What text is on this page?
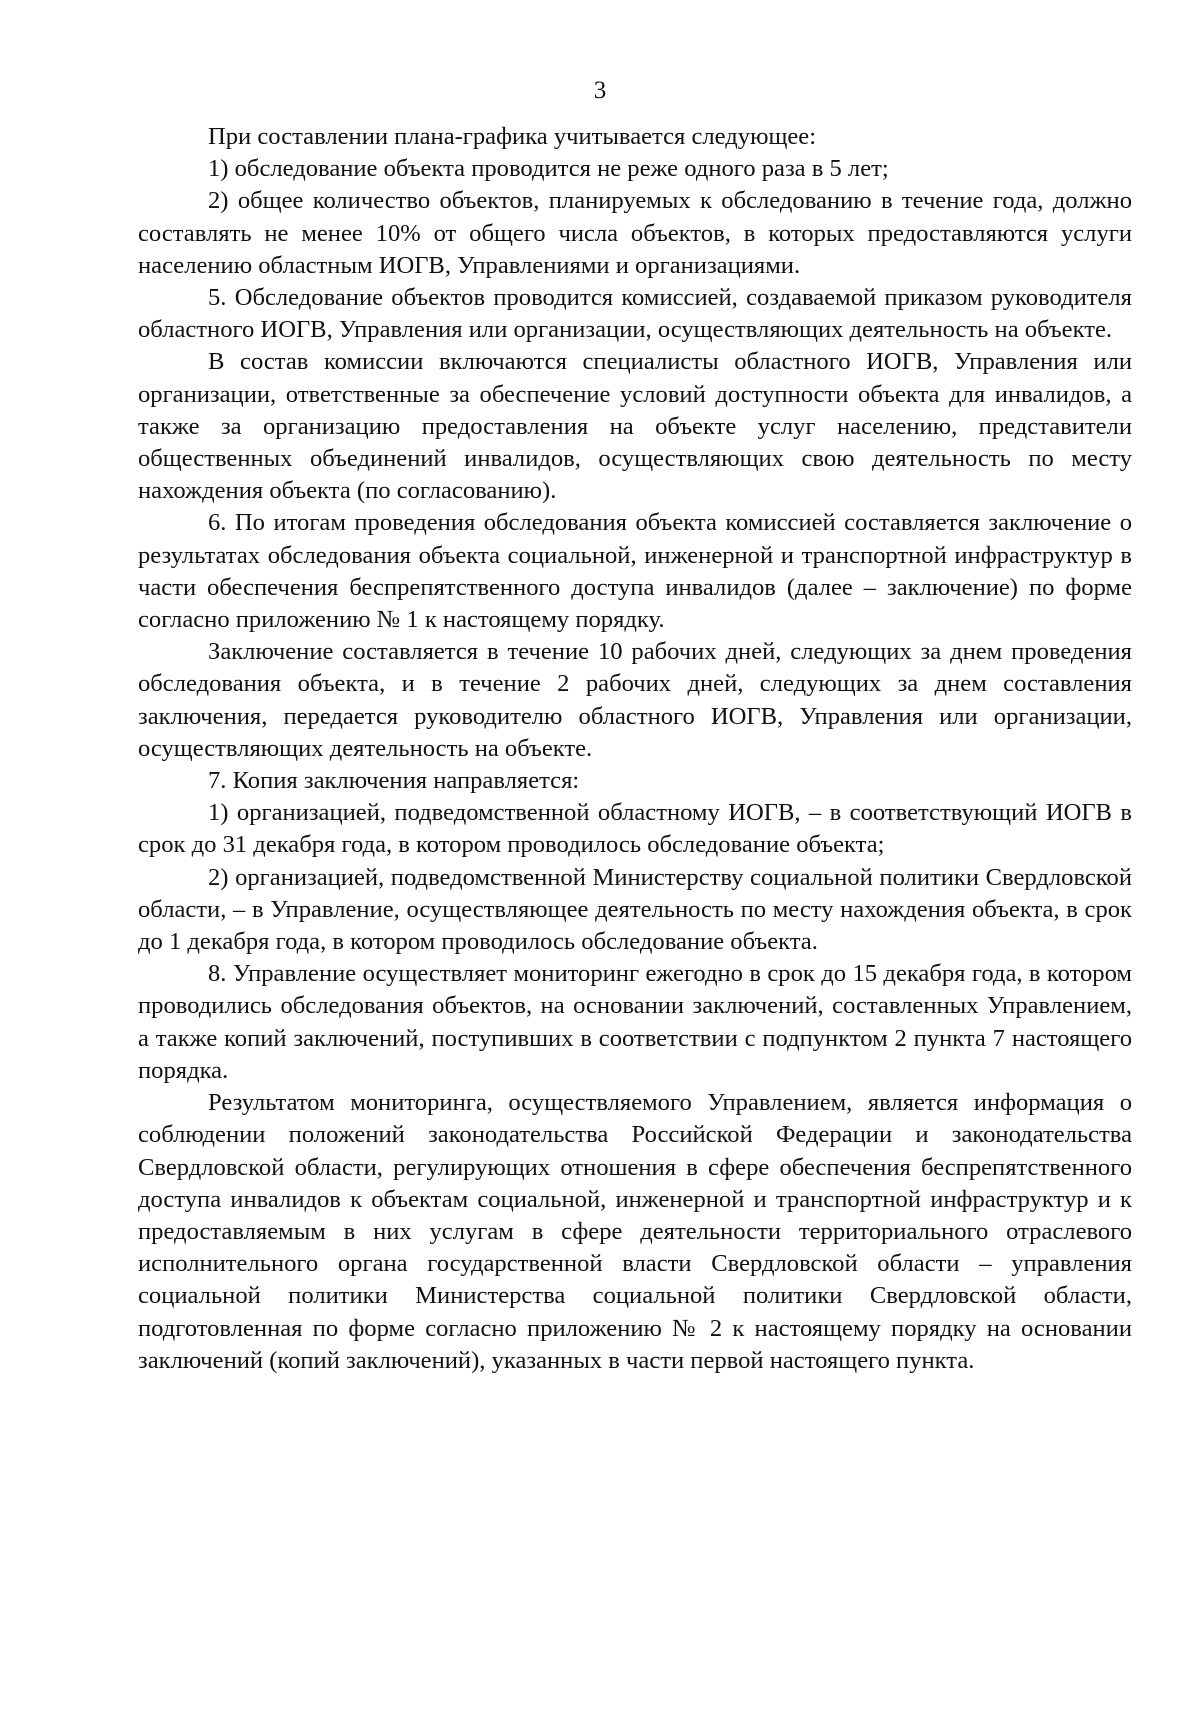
3

При составлении плана-графика учитывается следующее:

1) обследование объекта проводится не реже одного раза в 5 лет;

2) общее количество объектов, планируемых к обследованию в течение года, должно составлять не менее 10% от общего числа объектов, в которых предоставляются услуги населению областным ИОГВ, Управлениями и организациями.

5. Обследование объектов проводится комиссией, создаваемой приказом руководителя областного ИОГВ, Управления или организации, осуществляющих деятельность на объекте.

В состав комиссии включаются специалисты областного ИОГВ, Управления или организации, ответственные за обеспечение условий доступности объекта для инвалидов, а также за организацию предоставления на объекте услуг населению, представители общественных объединений инвалидов, осуществляющих свою деятельность по месту нахождения объекта (по согласованию).

6. По итогам проведения обследования объекта комиссией составляется заключение о результатах обследования объекта социальной, инженерной и транспортной инфраструктур в части обеспечения беспрепятственного доступа инвалидов (далее – заключение) по форме согласно приложению № 1 к настоящему порядку.

Заключение составляется в течение 10 рабочих дней, следующих за днем проведения обследования объекта, и в течение 2 рабочих дней, следующих за днем составления заключения, передается руководителю областного ИОГВ, Управления или организации, осуществляющих деятельность на объекте.

7. Копия заключения направляется:

1) организацией, подведомственной областному ИОГВ, – в соответствующий ИОГВ в срок до 31 декабря года, в котором проводилось обследование объекта;

2) организацией, подведомственной Министерству социальной политики Свердловской области, – в Управление, осуществляющее деятельность по месту нахождения объекта, в срок до 1 декабря года, в котором проводилось обследование объекта.

8. Управление осуществляет мониторинг ежегодно в срок до 15 декабря года, в котором проводились обследования объектов, на основании заключений, составленных Управлением, а также копий заключений, поступивших в соответствии с подпунктом 2 пункта 7 настоящего порядка.

Результатом мониторинга, осуществляемого Управлением, является информация о соблюдении положений законодательства Российской Федерации и законодательства Свердловской области, регулирующих отношения в сфере обеспечения беспрепятственного доступа инвалидов к объектам социальной, инженерной и транспортной инфраструктур и к предоставляемым в них услугам в сфере деятельности территориального отраслевого исполнительного органа государственной власти Свердловской области – управления социальной политики Министерства социальной политики Свердловской области, подготовленная по форме согласно приложению № 2 к настоящему порядку на основании заключений (копий заключений), указанных в части первой настоящего пункта.
